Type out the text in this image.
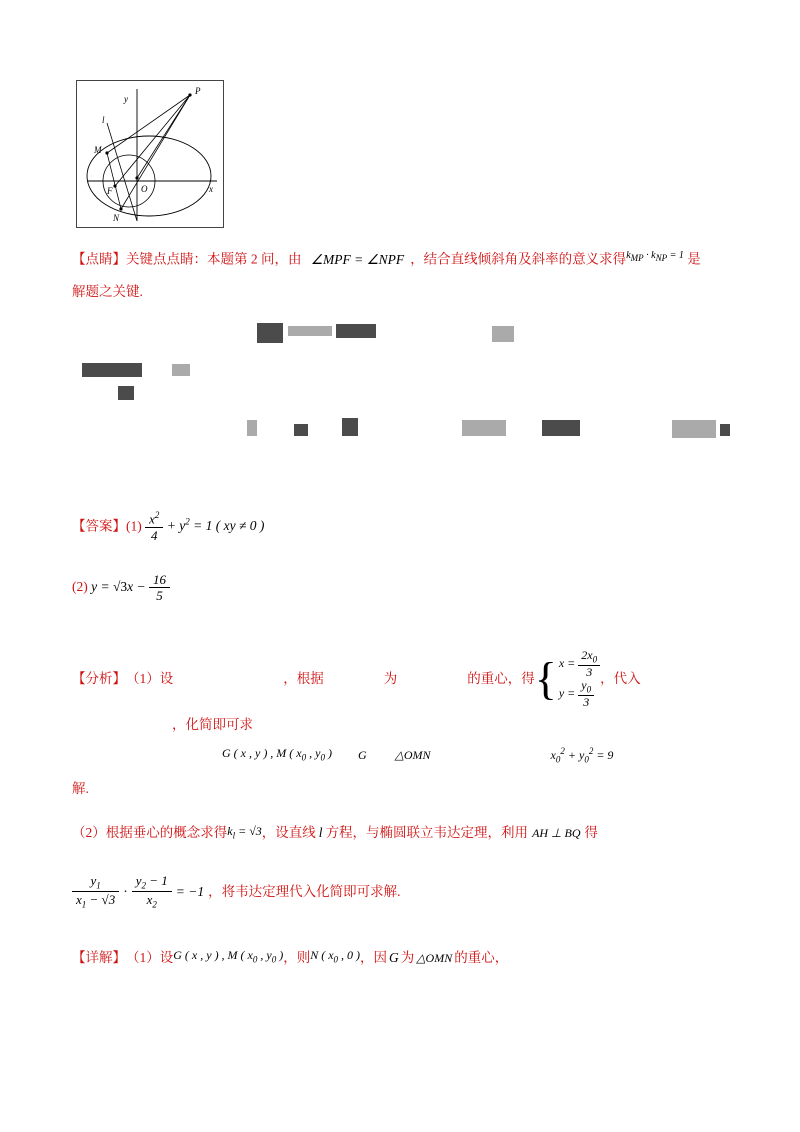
y
P
l
M
F	O	x
N
【点睛】关键点点睛：本题第 2 问，由 ∠MPF = ∠NPF ，结合直线倾斜角及斜率的意义求得$^{kMP \cdot kNP = 1}$ 是
解题之关键.
【答案】$(1) \frac{x^2}{4} + y^2 = 1$ ( xy ≠ 0 )
(2) $y = √3x - \frac{16}{5}$
【分析】 （1）设	，根据	为	的重心，得 { $x = \frac{2x_0}{3}$
$y = \frac{y_0}{3}$
，代入
，化简即可求
G ( x , y ) , M ( $x_0$ , $y_0$ ) G △OMN	$x_0^2 + y_0^2 = 9$
解.
（2）根据垂心的概念求得 $k_l = √3$ ，设直线 l 方程，与椭圆联立韦达定理，利用 AH ⊥ BQ 得
$\frac{y_1}{x_1 - √3} \cdot \frac{y_2 - 1}{x_2} = -1$ ，将韦达定理代入化简即可求解.
【详解】 （1）设 G ( x , y ) , M ( $x_0$ , $y_0$ ) ，则 N ( $x_0$ , 0 ) ，因 G 为 △OMN 的重心，
